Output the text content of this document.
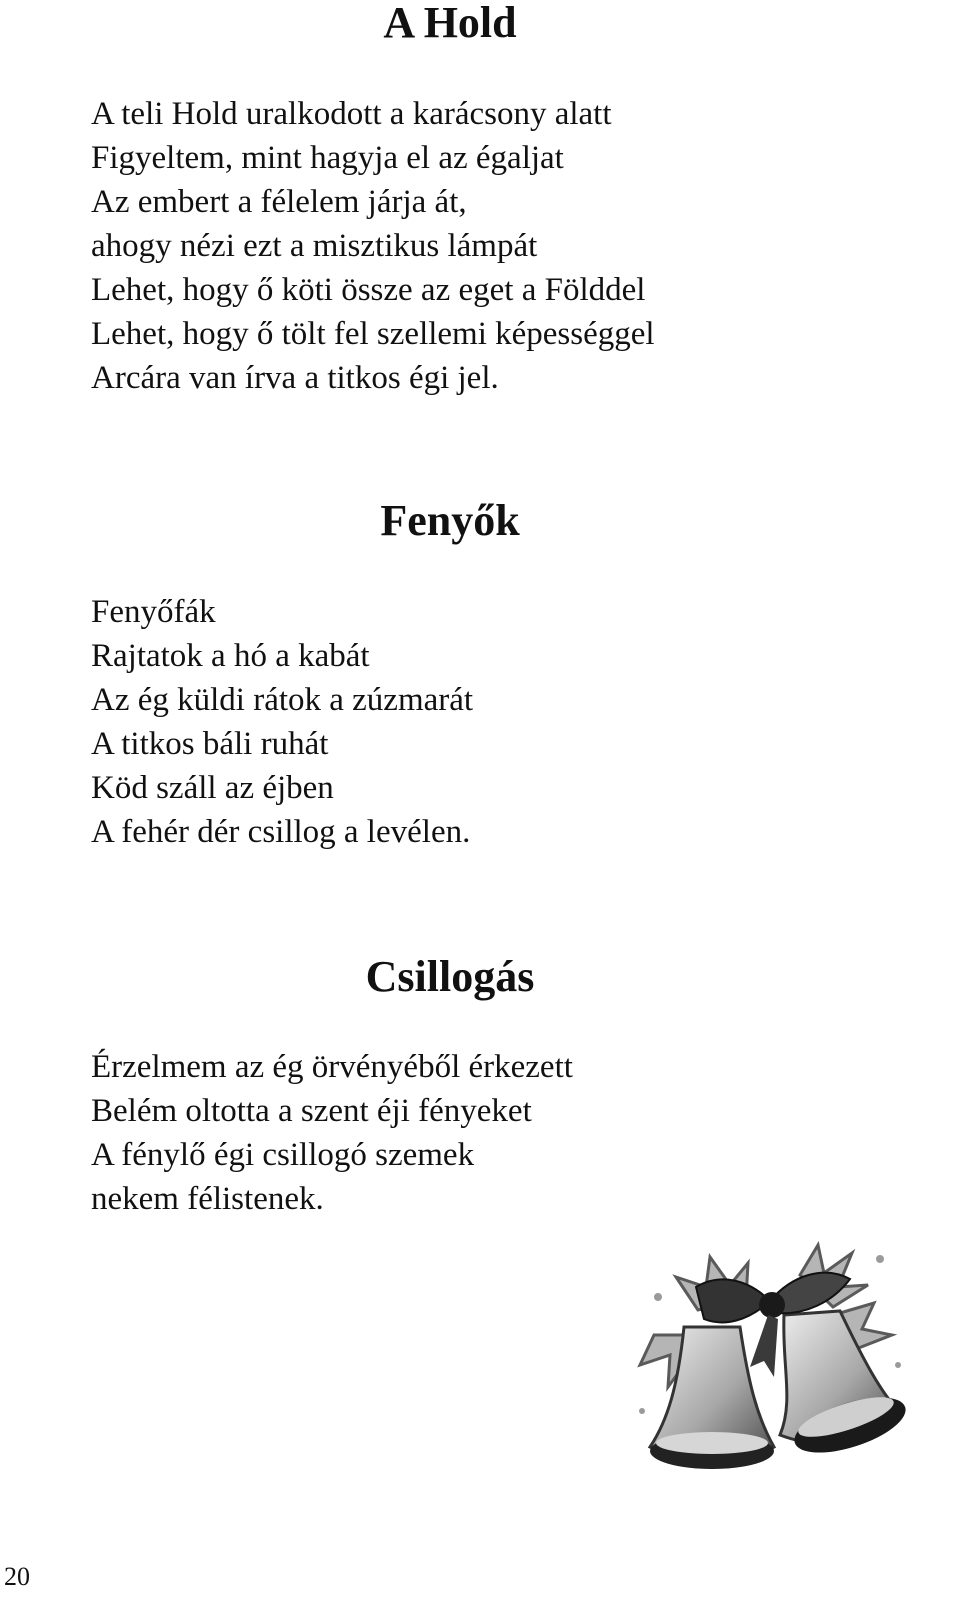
A Hold
A teli Hold uralkodott a karácsony alatt
Figyeltem, mint hagyja el az égaljat
Az embert a félelem járja át,
ahogy nézi ezt a misztikus lámpát
Lehet, hogy ő köti össze az eget a Földdel
Lehet, hogy ő tölt fel szellemi képességgel
Arcára van írva a titkos égi jel.
Fenyők
Fenyőfák
Rajtatok a hó a kabát
Az ég küldi rátok a zúzmarát
A titkos báli ruhát
Köd száll az éjben
A fehér dér csillog a levélen.
Csillogás
Érzelmem az ég örvényéből érkezett
Belém oltotta a szent éji fényeket
A fénylő égi csillogó szemek
nekem félistenek.
20
